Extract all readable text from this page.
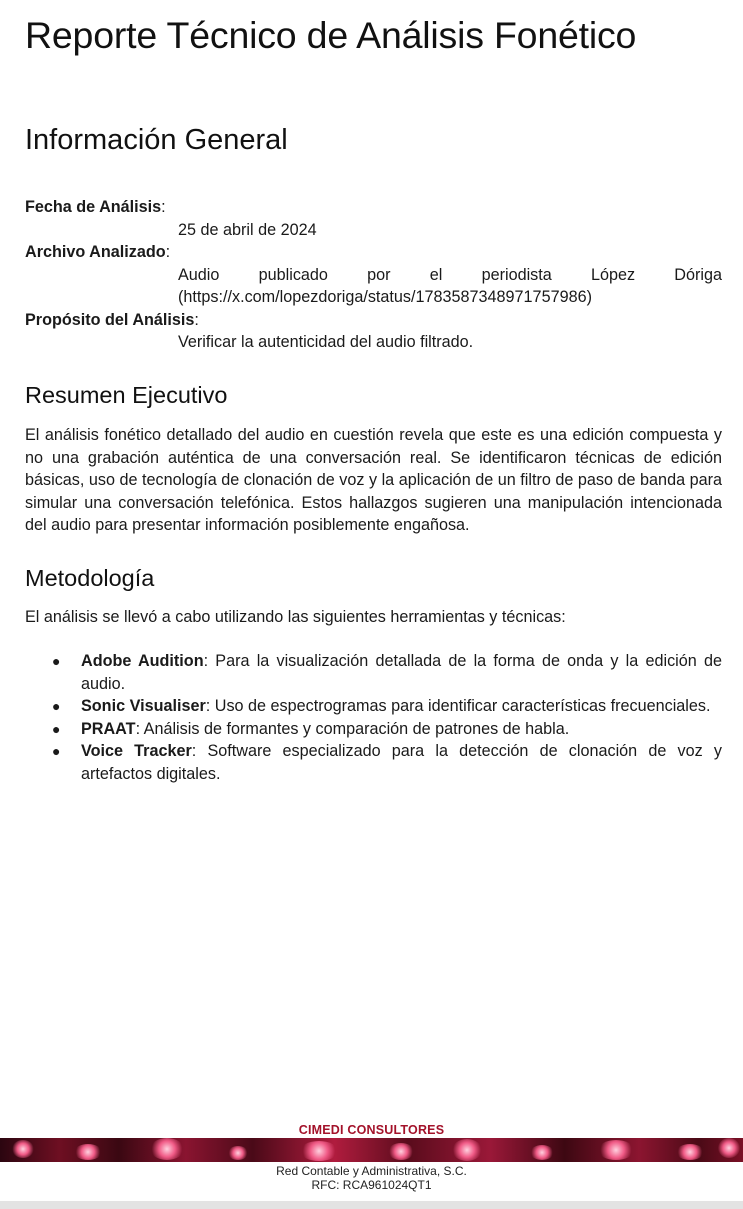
Reporte Técnico de Análisis Fonético
Información General
Fecha de Análisis:
25 de abril de 2024
Archivo Analizado:
Audio publicado por el periodista López Dóriga (https://x.com/lopezdoriga/status/1783587348971757986)
Propósito del Análisis:
Verificar la autenticidad del audio filtrado.
Resumen Ejecutivo

El análisis fonético detallado del audio en cuestión revela que este es una edición compuesta y no una grabación auténtica de una conversación real. Se identificaron técnicas de edición básicas, uso de tecnología de clonación de voz y la aplicación de un filtro de paso de banda para simular una conversación telefónica. Estos hallazgos sugieren una manipulación intencionada del audio para presentar información posiblemente engañosa.

Metodología

El análisis se llevó a cabo utilizando las siguientes herramientas y técnicas:

● Adobe Audition: Para la visualización detallada de la forma de onda y la edición de audio.
● Sonic Visualiser: Uso de espectrogramas para identificar características frecuenciales.
● PRAAT: Análisis de formantes y comparación de patrones de habla.
● Voice Tracker: Software especializado para la detección de clonación de voz y artefactos digitales.
CIMEDI CONSULTORES
Red Contable y Administrativa, S.C.
RFC: RCA961024QT1
